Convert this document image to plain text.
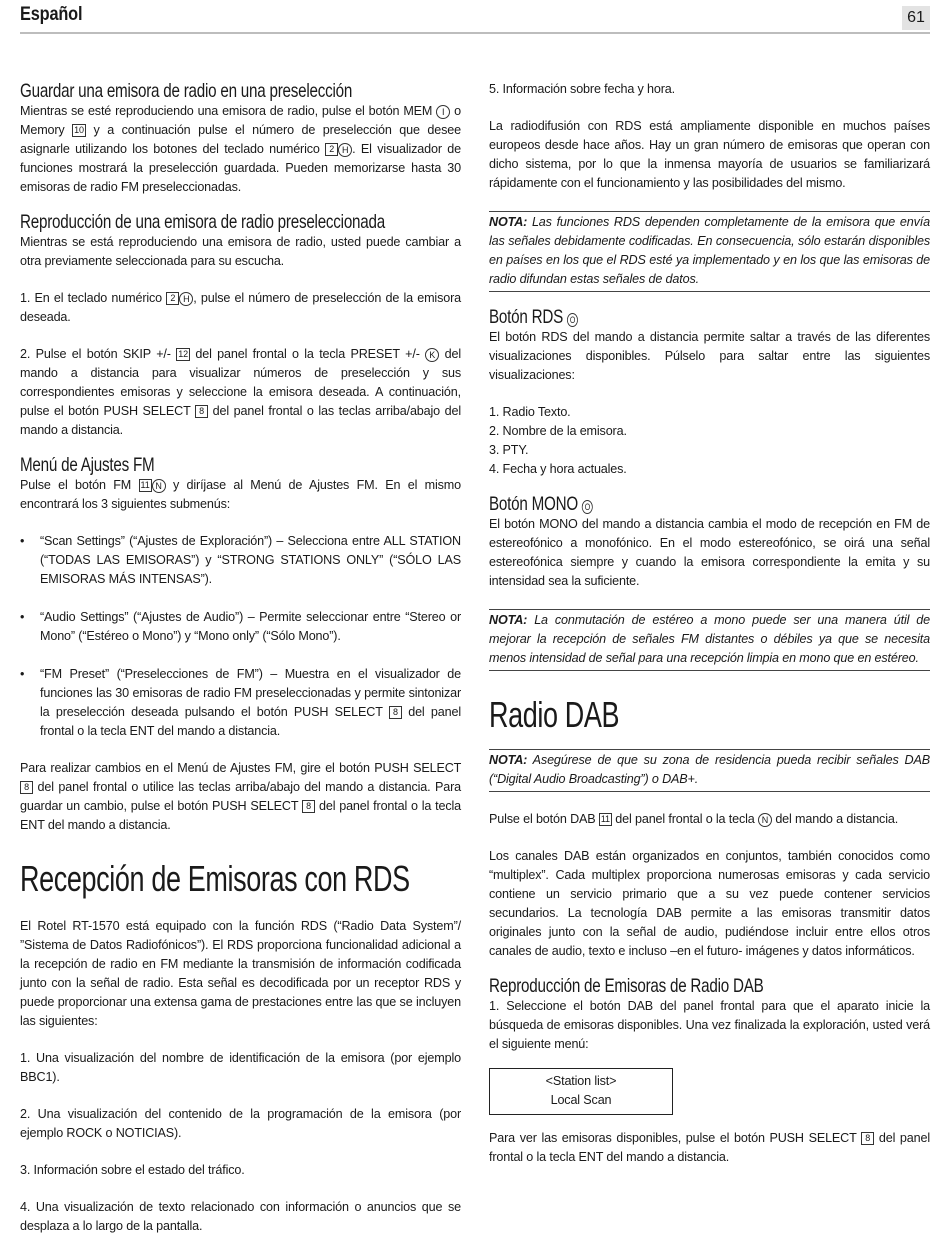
Español	61
Guardar una emisora de radio en una preselección

Mientras se esté reproduciendo una emisora de radio, pulse el botón MEM I o Memory 10 y a continuación pulse el número de preselección que desee asignarle utilizando los botones del teclado numérico 2 H . El visualizador de funciones mostrará la preselección guardada. Pueden memorizarse hasta 30 emisoras de radio FM preseleccionadas.

Reproducción de una emisora de radio preseleccionada

Mientras se está reproduciendo una emisora de radio, usted puede cambiar a otra previamente seleccionada para su escucha.

1. En el teclado numérico 2 H , pulse el número de preselección de la emisora deseada.

2. Pulse el botón SKIP +/- 12 del panel frontal o la tecla PRESET +/- K del mando a distancia para visualizar números de preselección y sus correspondientes emisoras y seleccione la emisora deseada. A continuación, pulse el botón PUSH SELECT 8 del panel frontal o las teclas arriba/abajo del mando a distancia.

Menú de Ajustes FM

Pulse el botón FM 11 N y diríjase al Menú de Ajustes FM. En el mismo encontrará los 3 siguientes submenús:

• “Scan Settings” (“Ajustes de Exploración”) – Selecciona entre ALL STATION (“TODAS LAS EMISORAS”) y “STRONG STATIONS ONLY” (“SÓLO LAS EMISORAS MÁS INTENSAS”).
• “Audio Settings” (“Ajustes de Audio”) – Permite seleccionar entre “Stereo or Mono” (“Estéreo o Mono”) y “Mono only” (“Sólo Mono”).
• “FM Preset” (“Preselecciones de FM”) – Muestra en el visualizador de funciones las 30 emisoras de radio FM preseleccionadas y permite sintonizar la preselección deseada pulsando el botón PUSH SELECT 8 del panel frontal o la tecla ENT del mando a distancia.

Para realizar cambios en el Menú de Ajustes FM, gire el botón PUSH SELECT 8 del panel frontal o utilice las teclas arriba/abajo del mando a distancia. Para guardar un cambio, pulse el botón PUSH SELECT 8 del panel frontal o la tecla ENT del mando a distancia.

Recepción de Emisoras con RDS

El Rotel RT-1570 está equipado con la función RDS (“Radio Data System”/ ”Sistema de Datos Radiofónicos”). El RDS proporciona funcionalidad adicional a la recepción de radio en FM mediante la transmisión de información codificada junto con la señal de radio. Esta señal es decodificada por un receptor RDS y puede proporcionar una extensa gama de prestaciones entre las que se incluyen las siguientes:

1. Una visualización del nombre de identificación de la emisora (por ejemplo BBC1).

2. Una visualización del contenido de la programación de la emisora (por ejemplo ROCK o NOTICIAS).

3. Información sobre el estado del tráfico.

4. Una visualización de texto relacionado con información o anuncios que se desplaza a lo largo de la pantalla.

5. Información sobre fecha y hora.

La radiodifusión con RDS está ampliamente disponible en muchos países europeos desde hace años. Hay un gran número de emisoras que operan con dicho sistema, por lo que la inmensa mayoría de usuarios se familiarizará rápidamente con el funcionamiento y las posibilidades del mismo.

NOTA: Las funciones RDS dependen completamente de la emisora que envía las señales debidamente codificadas. En consecuencia, sólo estarán disponibles en países en los que el RDS esté ya implementado y en los que las emisoras de radio difundan estas señales de datos.

Botón RDS O

El botón RDS del mando a distancia permite saltar a través de las diferentes visualizaciones disponibles. Púlselo para saltar entre las siguientes visualizaciones:

1. Radio Texto.

2. Nombre de la emisora.

3. PTY.

4. Fecha y hora actuales.

Botón MONO O

El botón MONO del mando a distancia cambia el modo de recepción en FM de estereofónico a monofónico. En el modo estereofónico, se oirá una señal estereofónica siempre y cuando la emisora correspondiente la emita y su intensidad sea la suficiente.

NOTA: La conmutación de estéreo a mono puede ser una manera útil de mejorar la recepción de señales FM distantes o débiles ya que se necesita menos intensidad de señal para una recepción limpia en mono que en estéreo.

Radio DAB

NOTA: Asegúrese de que su zona de residencia pueda recibir señales DAB (“Digital Audio Broadcasting”) o DAB+.

Pulse el botón DAB 11 del panel frontal o la tecla N del mando a distancia.

Los canales DAB están organizados en conjuntos, también conocidos como “multiplex”. Cada multiplex proporciona numerosas emisoras y cada servicio contiene un servicio primario que a su vez puede contener servicios secundarios. La tecnología DAB permite a las emisoras transmitir datos originales junto con la señal de audio, pudiéndose incluir entre ellos otros canales de audio, texto e incluso –en el futuro- imágenes y datos informáticos.

Reproducción de Emisoras de Radio DAB

1. Seleccione el botón DAB del panel frontal para que el aparato inicie la búsqueda de emisoras disponibles. Una vez finalizada la exploración, usted verá el siguiente menú:

<Station list>

Local Scan

Para ver las emisoras disponibles, pulse el botón PUSH SELECT 8 del panel frontal o la tecla ENT del mando a distancia.
